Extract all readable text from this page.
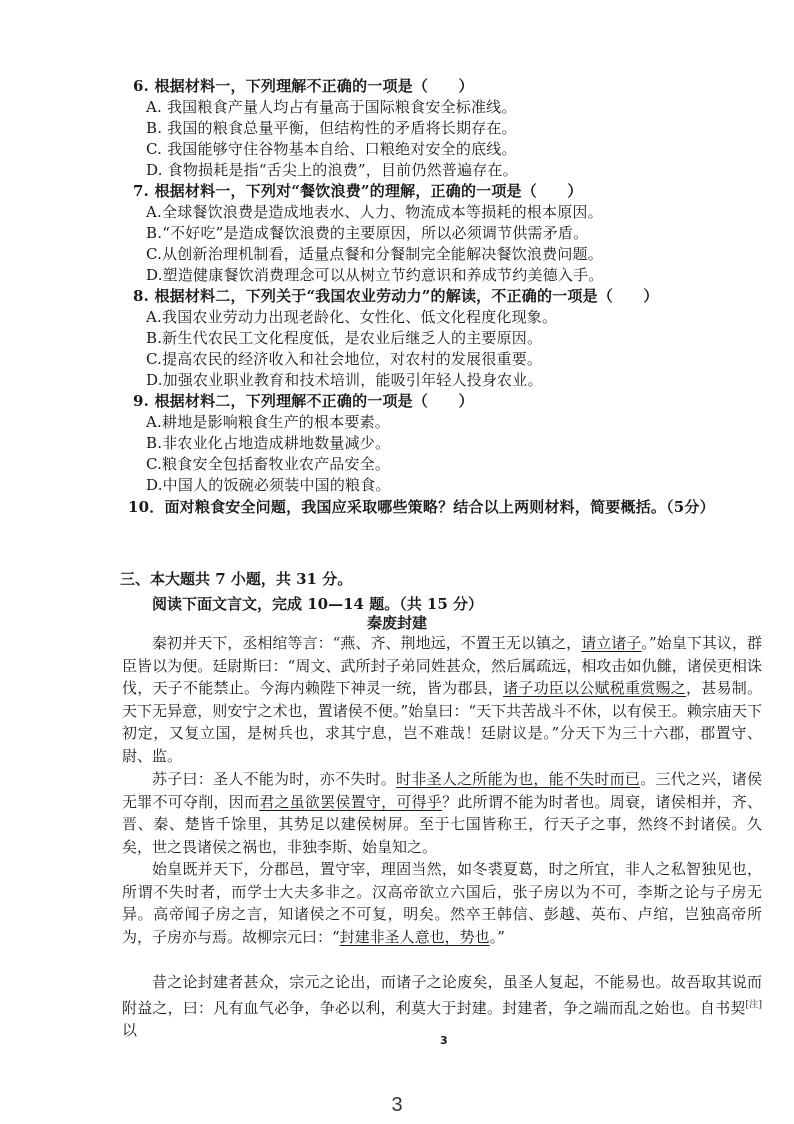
6. 根据材料一，下列理解不正确的一项是（　　）
A. 我国粮食产量人均占有量高于国际粮食安全标准线。
B. 我国的粮食总量平衡，但结构性的矛盾将长期存在。
C. 我国能够守住谷物基本自给、口粮绝对安全的底线。
D. 食物损耗是指“舌尖上的浪费”，目前仍然普遍存在。
7. 根据材料一，下列对“餐饮浪费”的理解，正确的一项是（　　）
A.全球餐饮浪费是造成地表水、人力、物流成本等损耗的根本原因。
B.“不好吃”是造成餐饮浪费的主要原因，所以必须调节供需矛盾。
C.从创新治理机制看，适量点餐和分餐制完全能解决餐饮浪费问题。
D.塑造健康餐饮消费理念可以从树立节约意识和养成节约美德入手。
8. 根据材料二，下列关于“我国农业劳动力”的解读，不正确的一项是（　　）
A.我国农业劳动力出现老龄化、女性化、低文化程度化现象。
B.新生代农民工文化程度低，是农业后继乏人的主要原因。
C.提高农民的经济收入和社会地位，对农村的发展很重要。
D.加强农业职业教育和技术培训，能吸引年轻人投身农业。
9. 根据材料二，下列理解不正确的一项是（　　）
A.耕地是影响粮食生产的根本要素。
B.非农业化占地造成耕地数量减少。
C.粮食安全包括畜牧业农产品安全。
D.中国人的饭碗必须装中国的粮食。
10．面对粮食安全问题，我国应采取哪些策略？结合以上两则材料，简要概括。（5分）
三、本大题共 7 小题，共 31 分。
阅读下面文言文，完成 10—14 题。（共 15 分）
秦废封建
秦初并天下，丞相绾等言：“燕、齐、荆地远，不置王无以镇之，请立诸子。”始皇下其议，群臣皆以为便。廷尉斯曰：“周文、武所封子弟同姓甚众，然后属疏远，相攻击如仇雠，诸侯更相诛伐，天子不能禁止。今海内赖陛下神灵一统，皆为郡县，诸子功臣以公赋税重赏赐之，甚易制。天下无异意，则安宁之术也，置诸侯不便。”始皇曰：“天下共苦战斗不休，以有侯王。赖宗庙天下初定，又复立国，是树兵也，求其宁息，岂不难哉！廷尉议是。”分天下为三十六郡，郡置守、尉、监。
苏子曰：圣人不能为时，亦不失时。时非圣人之所能为也，能不失时而已。三代之兴，诸侯无罪不可夺削，因而君之虽欲罢侯置守，可得乎？此所谓不能为时者也。周衰，诸侯相并，齐、晋、秦、楚皆千馀里，其势足以建侯树屏。至于七国皆称王，行天子之事，然终不封诸侯。久矣，世之畏诸侯之祸也，非独李斯、始皇知之。
始皇既并天下，分郡邑，置守宰，理固当然，如冬裘夏葛，时之所宜，非人之私智独见也，所谓不失时者，而学士大夫多非之。汉高帝欲立六国后，张子房以为不可，李斯之论与子房无异。高帝闻子房之言，知诸侯之不可复，明矣。然卒王韩信、彭越、英布、卢绾，岂独高帝所为，子房亦与焉。故柳宗元曰：“封建非圣人意也，势也。”
昔之论封建者甚众，宗元之论出，而诸子之论废矣，虽圣人复起，不能易也。故吾取其说而附益之，曰：凡有血气必争，争必以利，利莫大于封建。封建者，争之端而乱之始也。自书契[注]以
3
3
